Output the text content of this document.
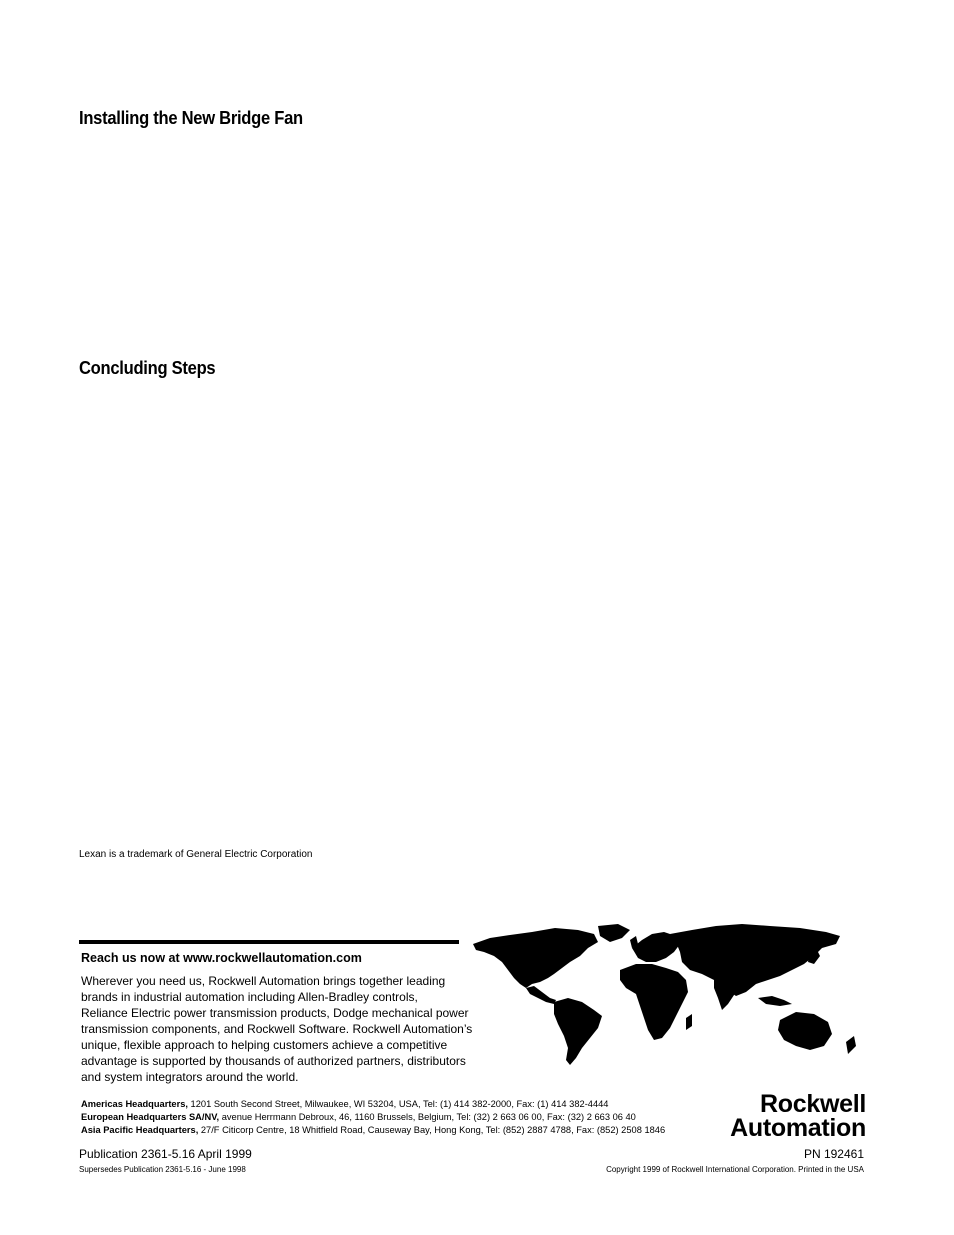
Installing the New Bridge Fan
Concluding Steps
Lexan is a trademark of General Electric Corporation
Reach us now at www.rockwellautomation.com
Wherever you need us, Rockwell Automation brings together leading
brands in industrial automation including Allen-Bradley controls,
Reliance Electric power transmission products, Dodge mechanical power
transmission components, and Rockwell Software. Rockwell Automation’s
unique, flexible approach to helping customers achieve a competitive
advantage is supported by thousands of authorized partners, distributors
and system integrators around the world.
Americas Headquarters, 1201 South Second Street, Milwaukee, WI 53204, USA, Tel: (1) 414 382-2000, Fax: (1) 414 382-4444
European Headquarters SA/NV, avenue Herrmann Debroux, 46, 1160 Brussels, Belgium, Tel: (32) 2 663 06 00, Fax: (32) 2 663 06 40
Asia Pacific Headquarters, 27/F Citicorp Centre, 18 Whitfield Road, Causeway Bay, Hong Kong, Tel: (852) 2887 4788, Fax: (852) 2508 1846
Rockwell
Automation
Publication 2361-5.16 April 1999	PN 192461
Supersedes Publication 2361-5.16 - June 1998	Copyright 1999 of Rockwell International Corporation. Printed in the USA
